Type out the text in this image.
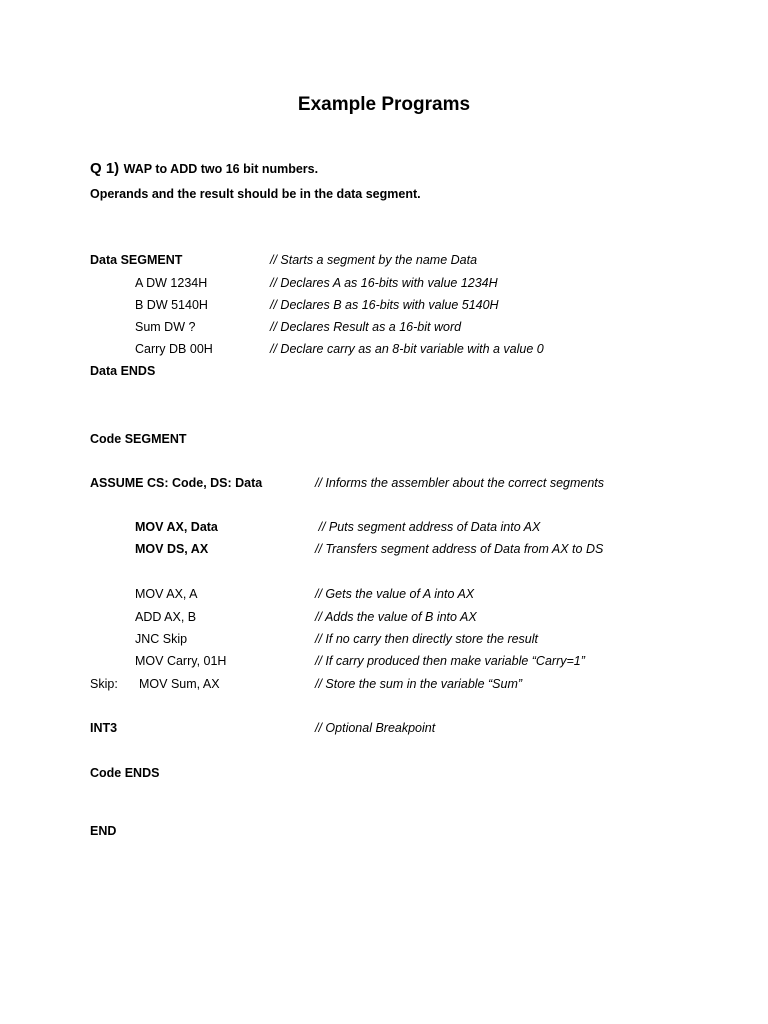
Example Programs
Q 1) WAP to ADD two 16 bit numbers.
Operands and the result should be in the data segment.
Data SEGMENT	// Starts a segment by the name Data
A DW 1234H	// Declares A as 16-bits with value 1234H
B DW 5140H	// Declares B as 16-bits with value 5140H
Sum DW ?	// Declares Result as a 16-bit word
Carry DB 00H	// Declare carry as an 8-bit variable with a value 0
Data ENDS
Code SEGMENT
ASSUME CS: Code, DS: Data	// Informs the assembler about the correct segments
MOV AX, Data	// Puts segment address of Data into AX
MOV DS, AX	// Transfers segment address of Data from AX to DS
MOV AX, A	// Gets the value of A into AX
ADD AX, B	// Adds the value of B into AX
JNC Skip	// If no carry then directly store the result
MOV Carry, 01H	// If carry produced then make variable “Carry=1”
Skip: MOV Sum, AX	// Store the sum in the variable “Sum”
INT3	// Optional Breakpoint
Code ENDS
END
